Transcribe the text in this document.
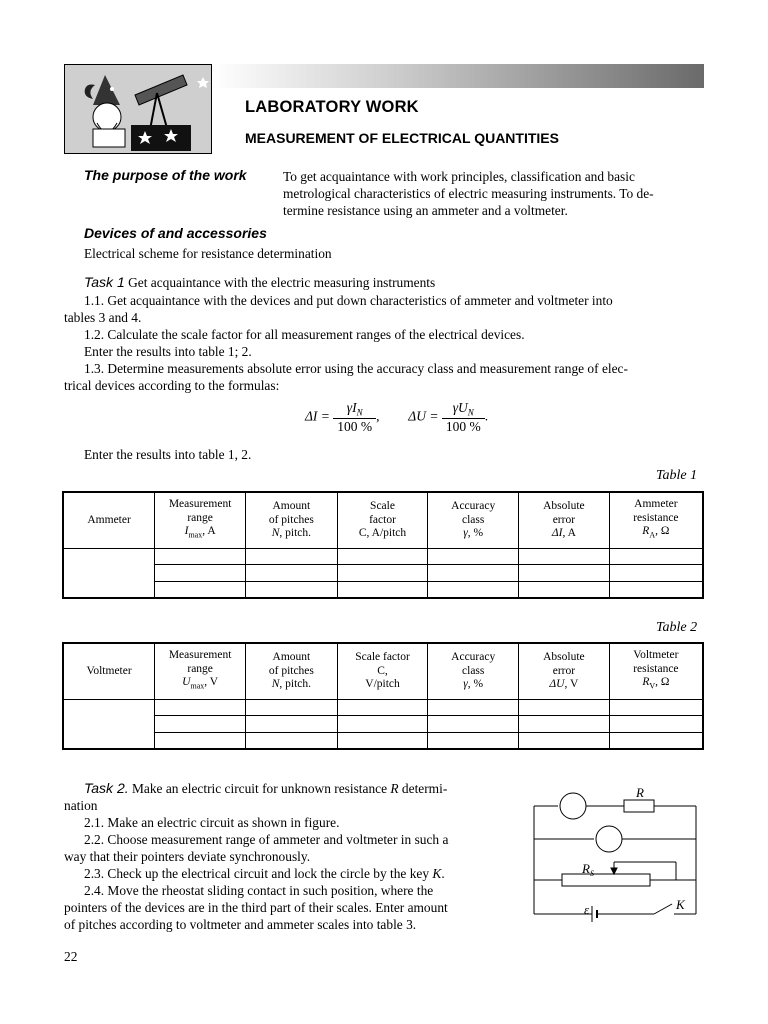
LABORATORY WORK
MEASUREMENT OF ELECTRICAL QUANTITIES
The purpose of the work	To get acquaintance with work principles, classification and basic
metrological characteristics of electric measuring instruments. To de-
termine resistance using an ammeter and a voltmeter.
Devices of and accessories
Electrical scheme for resistance determination
Task 1 Get acquaintance with the electric measuring instruments
1.1. Get acquaintance with the devices and put down characteristics of ammeter and voltmeter into
tables 3 and 4.
1.2. Calculate the scale factor for all measurement ranges of the electrical devices.
Enter the results into table 1; 2.
1.3. Determine measurements absolute error using the accuracy class and measurement range of elec-
trical devices according to the formulas:
$\Delta I = \frac{\gamma I_N}{100 \%}$ , $\Delta U = \frac{\gamma U_N}{100 \%}$ .
Enter the results into table 1, 2.
Table 1
Ammeter	Measurement
range
$I_{max}$, A	Amount
of pitches
N, pitch.	Scale
factor
C, A/pitch	Accuracy
class
γ, %	Absolute
error
ΔI, A	Ammeter
resistance
$R_A$, Ω

Table 2
Voltmeter	Measurement
range
$U_{max}$, V	Amount
of pitches
N, pitch.	Scale factor
C,
V/pitch	Accuracy
class
γ, %	Absolute
error
ΔU, V	Voltmeter
resistance
$R_V$, Ω

Task 2. Make an electric circuit for unknown resistance R determi-
nation
2.1. Make an electric circuit as shown in figure.
2.2. Choose measurement range of ammeter and voltmeter in such a
way that their pointers deviate synchronously.
2.3. Check up the electrical circuit and lock the circle by the key K.
2.4. Move the rheostat sliding contact in such position, where the
pointers of the devices are in the third part of their scales. Enter amount
of pitches according to voltmeter and ammeter scales into table 3.
R
$R_S$
ε	K
22
